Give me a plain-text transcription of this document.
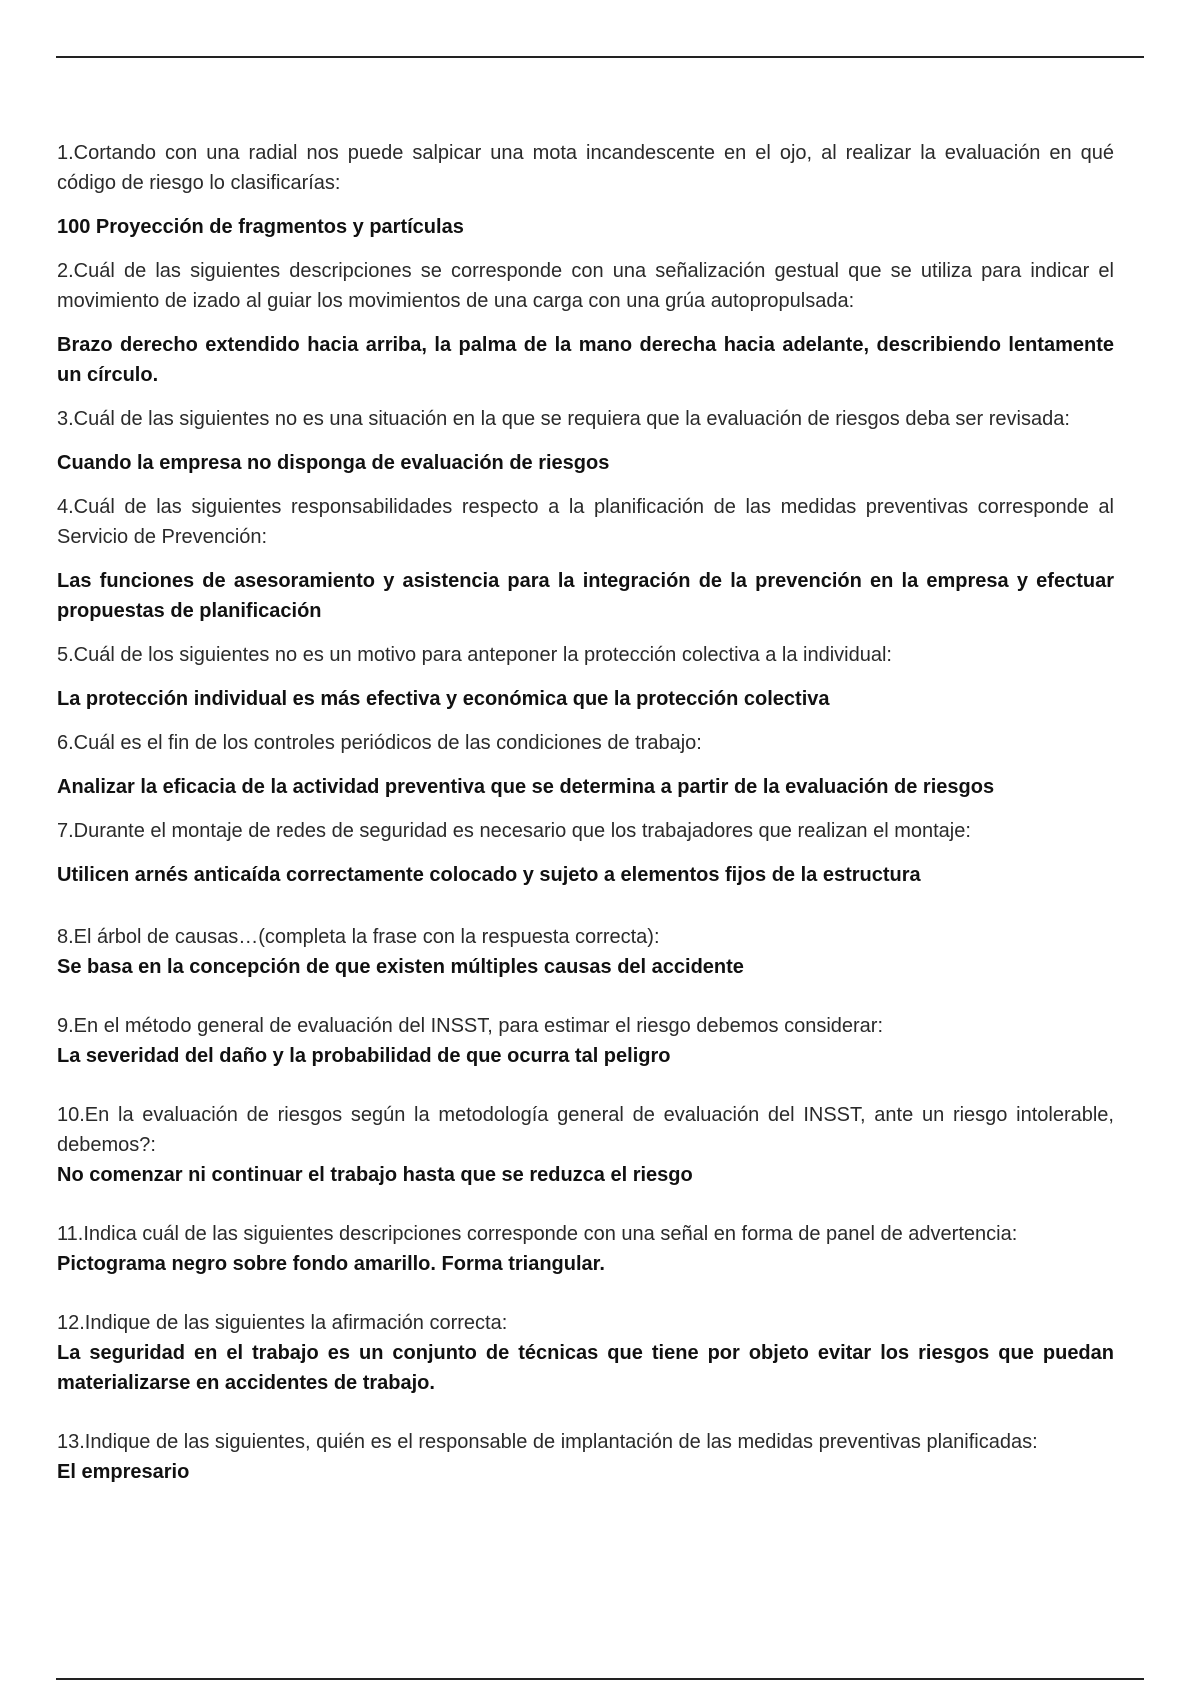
1.Cortando con una radial nos puede salpicar una mota incandescente en el ojo, al realizar la evaluación en qué código de riesgo lo clasificarías:

100 Proyección de fragmentos y partículas

2.Cuál de las siguientes descripciones se corresponde con una señalización gestual que se utiliza para indicar el movimiento de izado al guiar los movimientos de una carga con una grúa autopropulsada:

Brazo derecho extendido hacia arriba, la palma de la mano derecha hacia adelante, describiendo lentamente un círculo.

3.Cuál de las siguientes no es una situación en la que se requiera que la evaluación de riesgos deba ser revisada:

Cuando la empresa no disponga de evaluación de riesgos

4.Cuál de las siguientes responsabilidades respecto a la planificación de las medidas preventivas corresponde al Servicio de Prevención:

Las funciones de asesoramiento y asistencia para la integración de la prevención en la empresa y efectuar propuestas de planificación

5.Cuál de los siguientes no es un motivo para anteponer la protección colectiva a la individual:

La protección individual es más efectiva y económica que la protección colectiva

6.Cuál es el fin de los controles periódicos de las condiciones de trabajo:

Analizar la eficacia de la actividad preventiva que se determina a partir de la evaluación de riesgos

7.Durante el montaje de redes de seguridad es necesario que los trabajadores que realizan el montaje:

Utilicen arnés anticaída correctamente colocado y sujeto a elementos fijos de la estructura

8.El árbol de causas…(completa la frase con la respuesta correcta):

Se basa en la concepción de que existen múltiples causas del accidente

9.En el método general de evaluación del INSST, para estimar el riesgo debemos considerar:

La severidad del daño y la probabilidad de que ocurra tal peligro

10.En la evaluación de riesgos según la metodología general de evaluación del INSST, ante un riesgo intolerable, debemos?:

No comenzar ni continuar el trabajo hasta que se reduzca el riesgo

11.Indica cuál de las siguientes descripciones corresponde con una señal en forma de panel de advertencia:

Pictograma negro sobre fondo amarillo. Forma triangular.

12.Indique de las siguientes la afirmación correcta:

La seguridad en el trabajo es un conjunto de técnicas que tiene por objeto evitar los riesgos que puedan materializarse en accidentes de trabajo.

13.Indique de las siguientes, quién es el responsable de implantación de las medidas preventivas planificadas:

El empresario
